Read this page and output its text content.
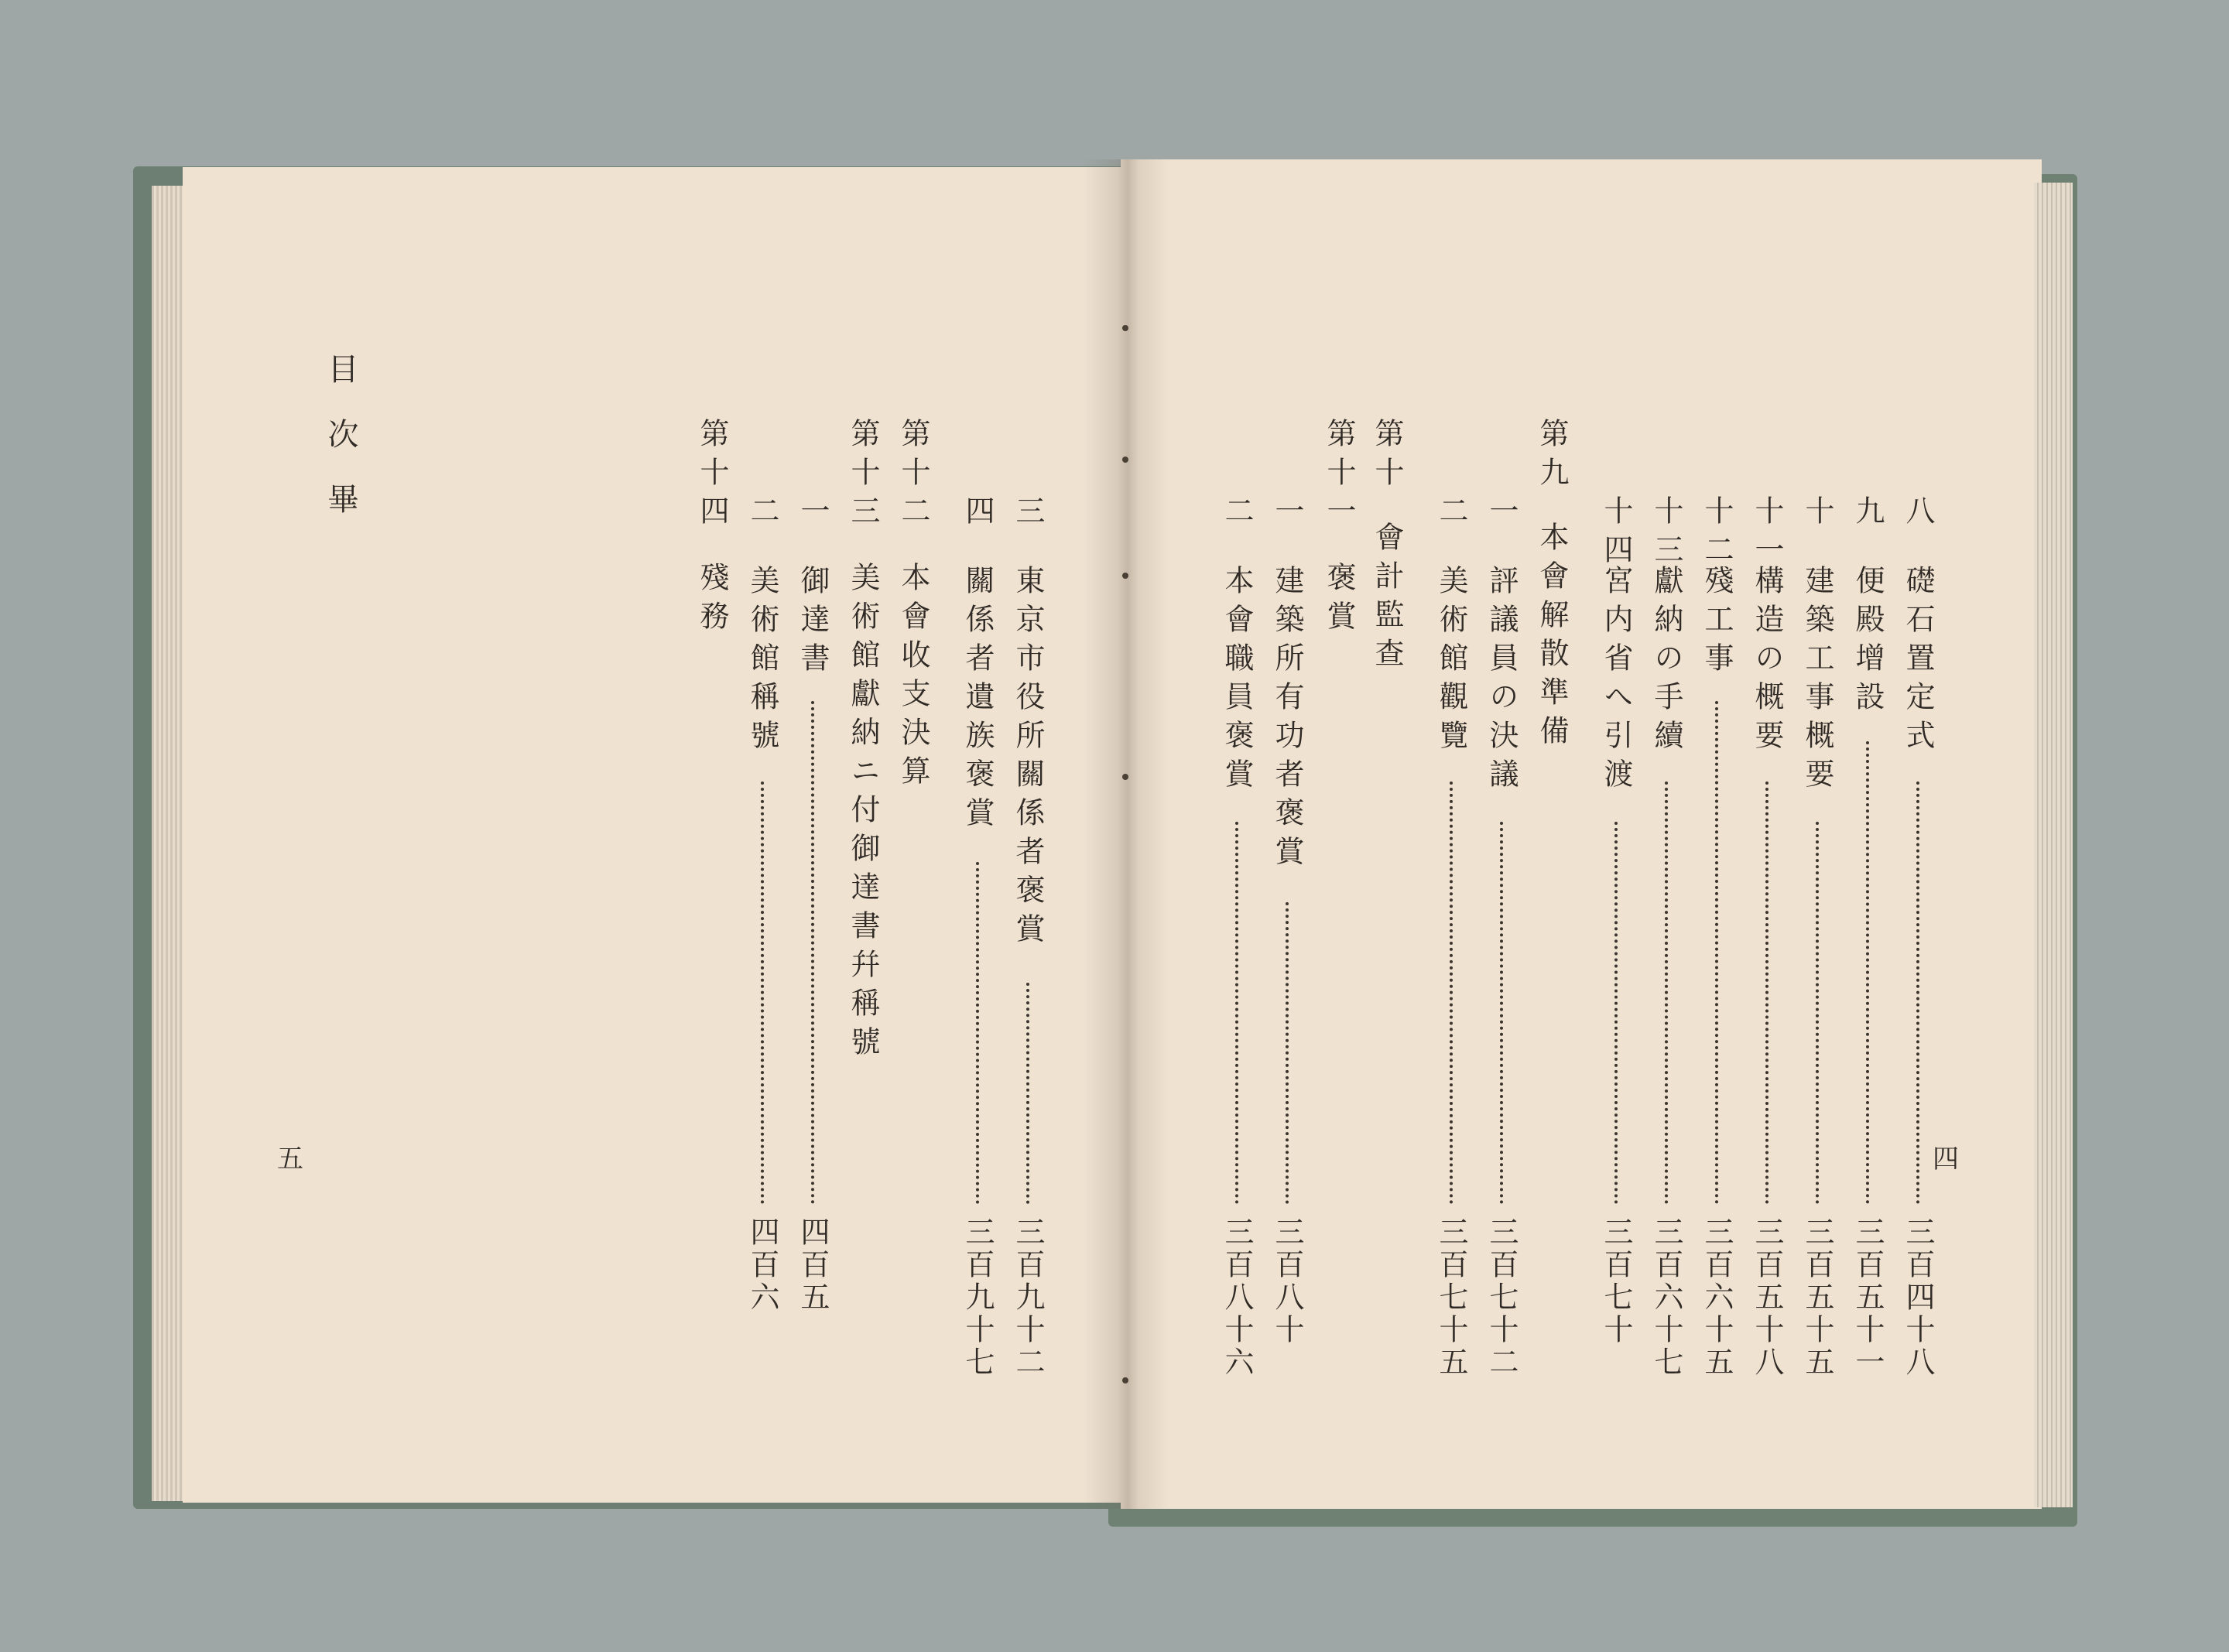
目次畢
五	四
八
礎石置定式
三百四十八
九
便殿增設
三百五十一
十
建築工事概要
三百五十五
十一
構造の概要
三百五十八
十二
殘工事
三百六十五
十三
獻納の手續
三百六十七
十四
宮内省へ引渡
三百七十
第九
本會解散準備
一
評議員の決議
三百七十二
二
美術館觀覽
三百七十五
第十
會計監查
第十一
褒賞
一
建築所有功者褒賞
三百八十
二
本會職員褒賞
三百八十六
三
東京市役所關係者褒賞
三百九十二
四
關係者遺族褒賞
三百九十七
第十二
本會收支決算
第十三
美術館獻納ニ付御達書幷稱號
一
御達書
四百五
二
美術館稱號
四百六
第十四
殘務
